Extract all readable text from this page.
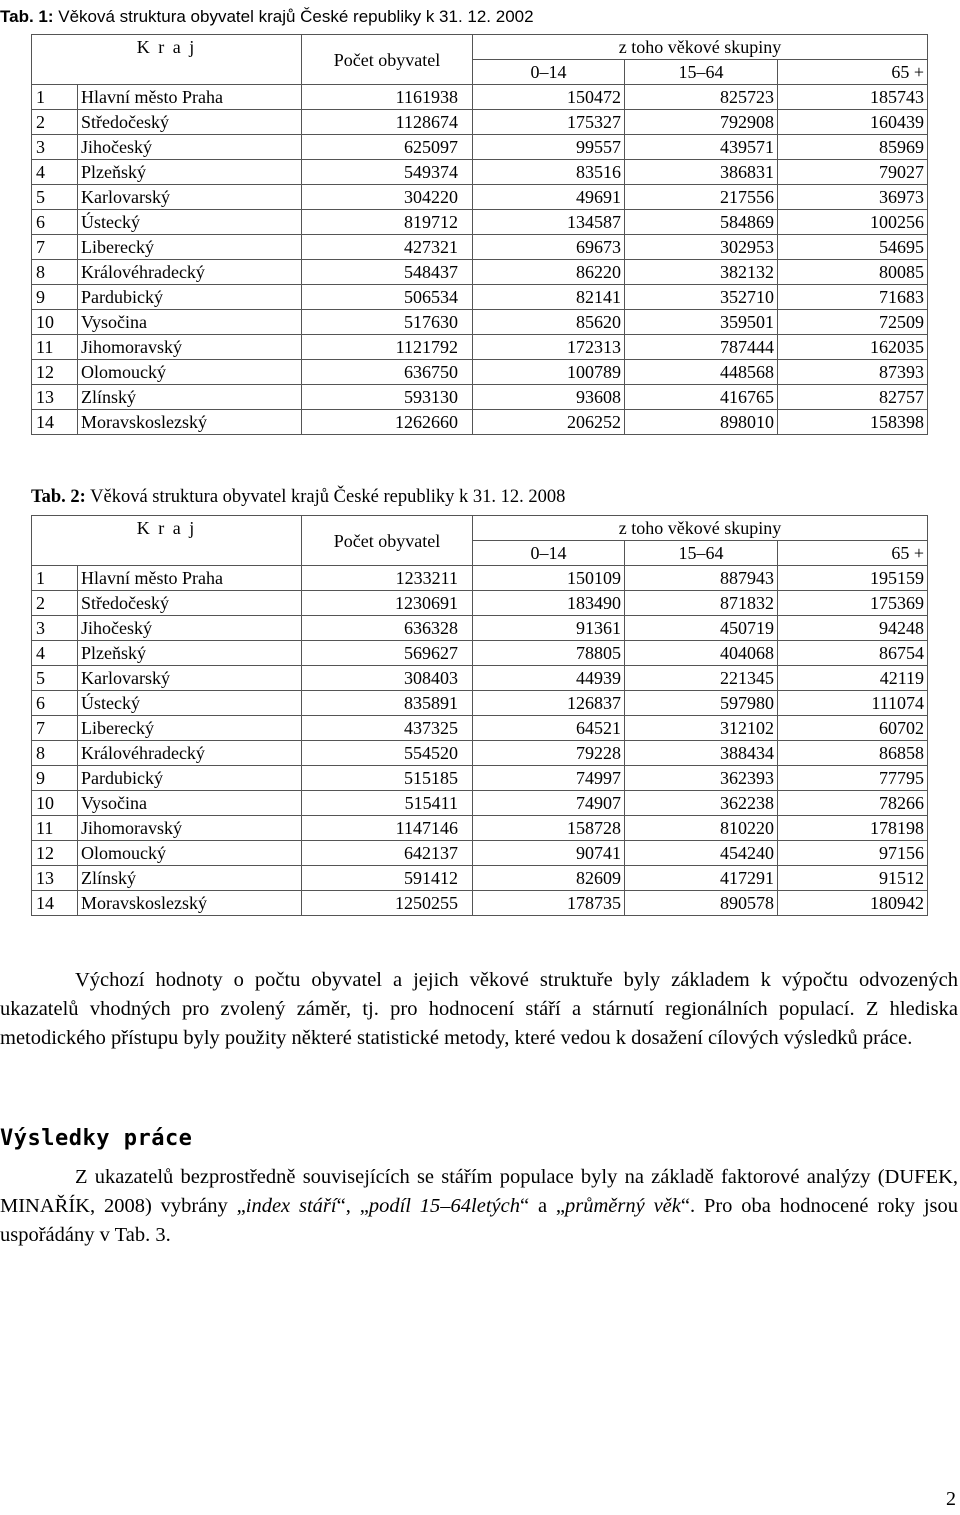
Tab. 1: Věková struktura obyvatel krajů České republiky k 31. 12. 2002
K r a j		Počet obyvatel	z toho věkové skupiny		
			0–14	15–64	65 +
1	Hlavní město Praha	1161938	150472	825723	185743
2	Středočeský	1128674	175327	792908	160439
3	Jihočeský	625097	99557	439571	85969
4	Plzeňský	549374	83516	386831	79027
5	Karlovarský	304220	49691	217556	36973
6	Ústecký	819712	134587	584869	100256
7	Liberecký	427321	69673	302953	54695
8	Královéhradecký	548437	86220	382132	80085
9	Pardubický	506534	82141	352710	71683
10	Vysočina	517630	85620	359501	72509
11	Jihomoravský	1121792	172313	787444	162035
12	Olomoucký	636750	100789	448568	87393
13	Zlínský	593130	93608	416765	82757
14	Moravskoslezský	1262660	206252	898010	158398
Tab. 2: Věková struktura obyvatel krajů České republiky k 31. 12. 2008
K r a j		Počet obyvatel	z toho věkové skupiny		
			0–14	15–64	65 +
1	Hlavní město Praha	1233211	150109	887943	195159
2	Středočeský	1230691	183490	871832	175369
3	Jihočeský	636328	91361	450719	94248
4	Plzeňský	569627	78805	404068	86754
5	Karlovarský	308403	44939	221345	42119
6	Ústecký	835891	126837	597980	111074
7	Liberecký	437325	64521	312102	60702
8	Královéhradecký	554520	79228	388434	86858
9	Pardubický	515185	74997	362393	77795
10	Vysočina	515411	74907	362238	78266
11	Jihomoravský	1147146	158728	810220	178198
12	Olomoucký	642137	90741	454240	97156
13	Zlínský	591412	82609	417291	91512
14	Moravskoslezský	1250255	178735	890578	180942

Výchozí hodnoty o počtu obyvatel a jejich věkové struktuře byly základem k výpočtu odvozených ukazatelů vhodných pro zvolený záměr, tj. pro hodnocení stáří a stárnutí regionálních populací. Z hlediska metodického přístupu byly použity některé statistické metody, které vedou k dosažení cílových výsledků práce.

Výsledky práce

Z ukazatelů bezprostředně souvisejících se stářím populace byly na základě faktorové analýzy (DUFEK, MINAŘÍK, 2008) vybrány „index stáří“, „podíl 15–64letých“ a „průměrný věk“. Pro oba hodnocené roky jsou uspořádány v Tab. 3.

2
